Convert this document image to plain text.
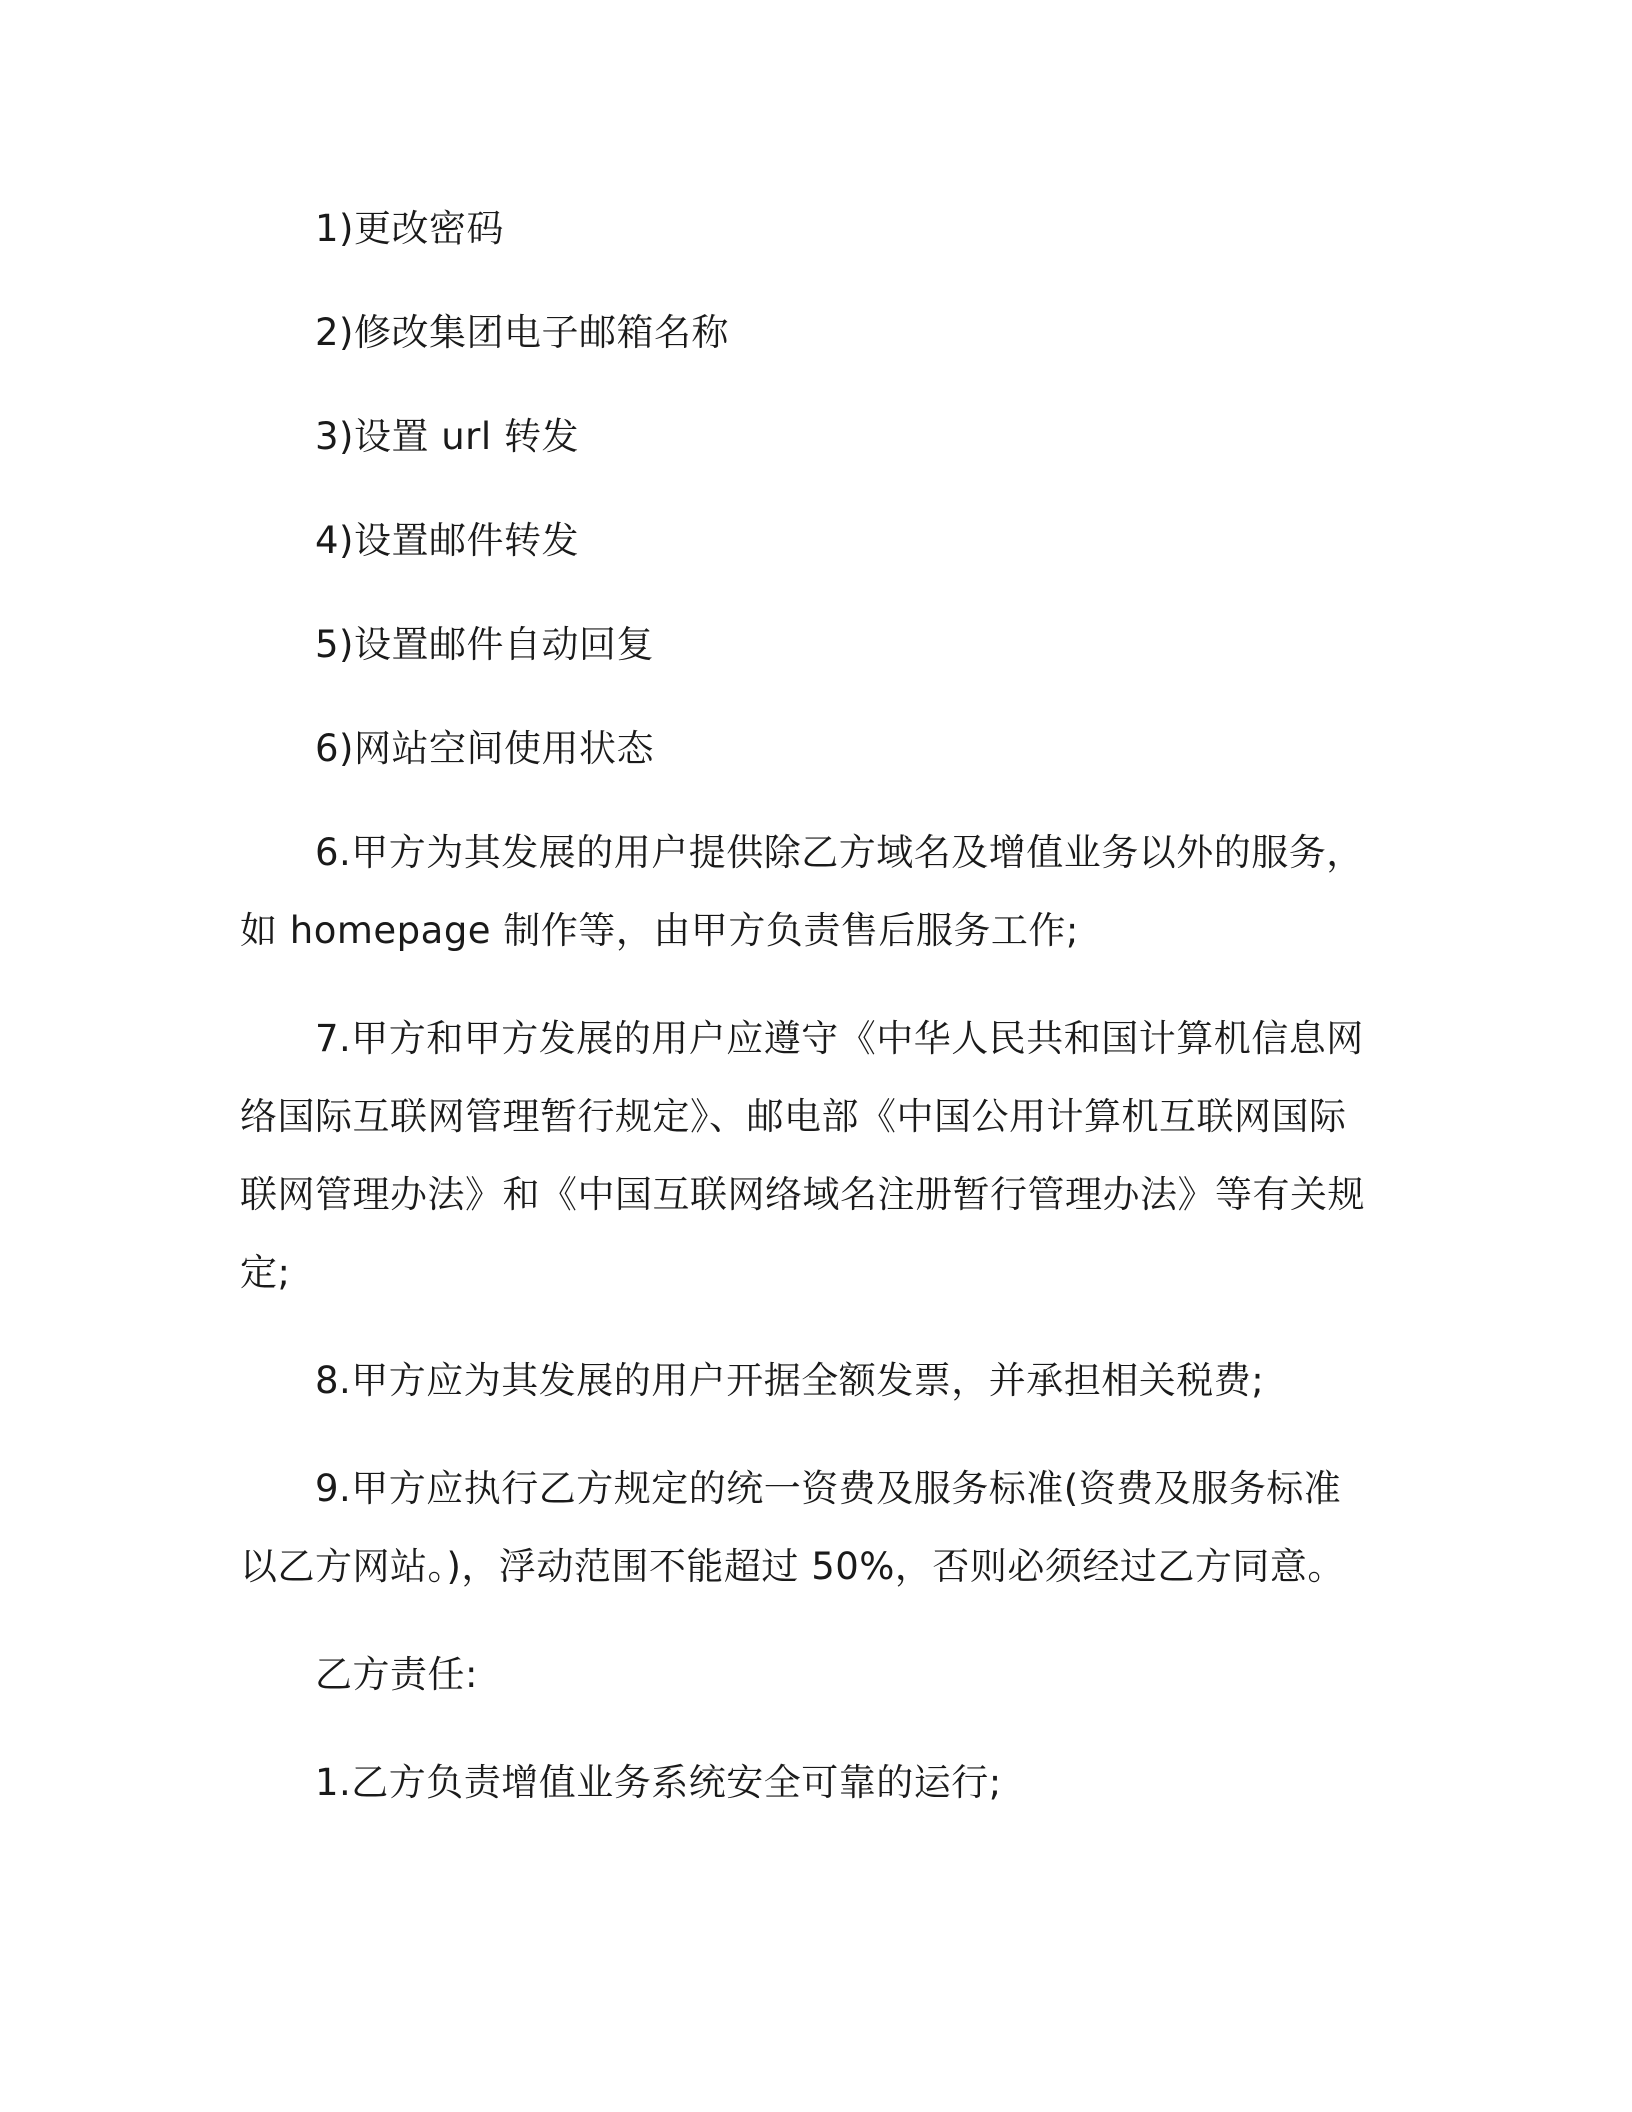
1)更改密码

2)修改集团电子邮箱名称

3)设置 url 转发

4)设置邮件转发

5)设置邮件自动回复

6)网站空间使用状态

6.甲方为其发展的用户提供除乙方域名及增值业务以外的服务，如 homepage 制作等，由甲方负责售后服务工作;

7.甲方和甲方发展的用户应遵守《中华人民共和国计算机信息网络国际互联网管理暂行规定》、邮电部《中国公用计算机互联网国际联网管理办法》和《中国互联网络域名注册暂行管理办法》等有关规定;

8.甲方应为其发展的用户开据全额发票，并承担相关税费;

9.甲方应执行乙方规定的统一资费及服务标准(资费及服务标准以乙方网站。)，浮动范围不能超过 50%，否则必须经过乙方同意。

乙方责任:

1.乙方负责增值业务系统安全可靠的运行;
